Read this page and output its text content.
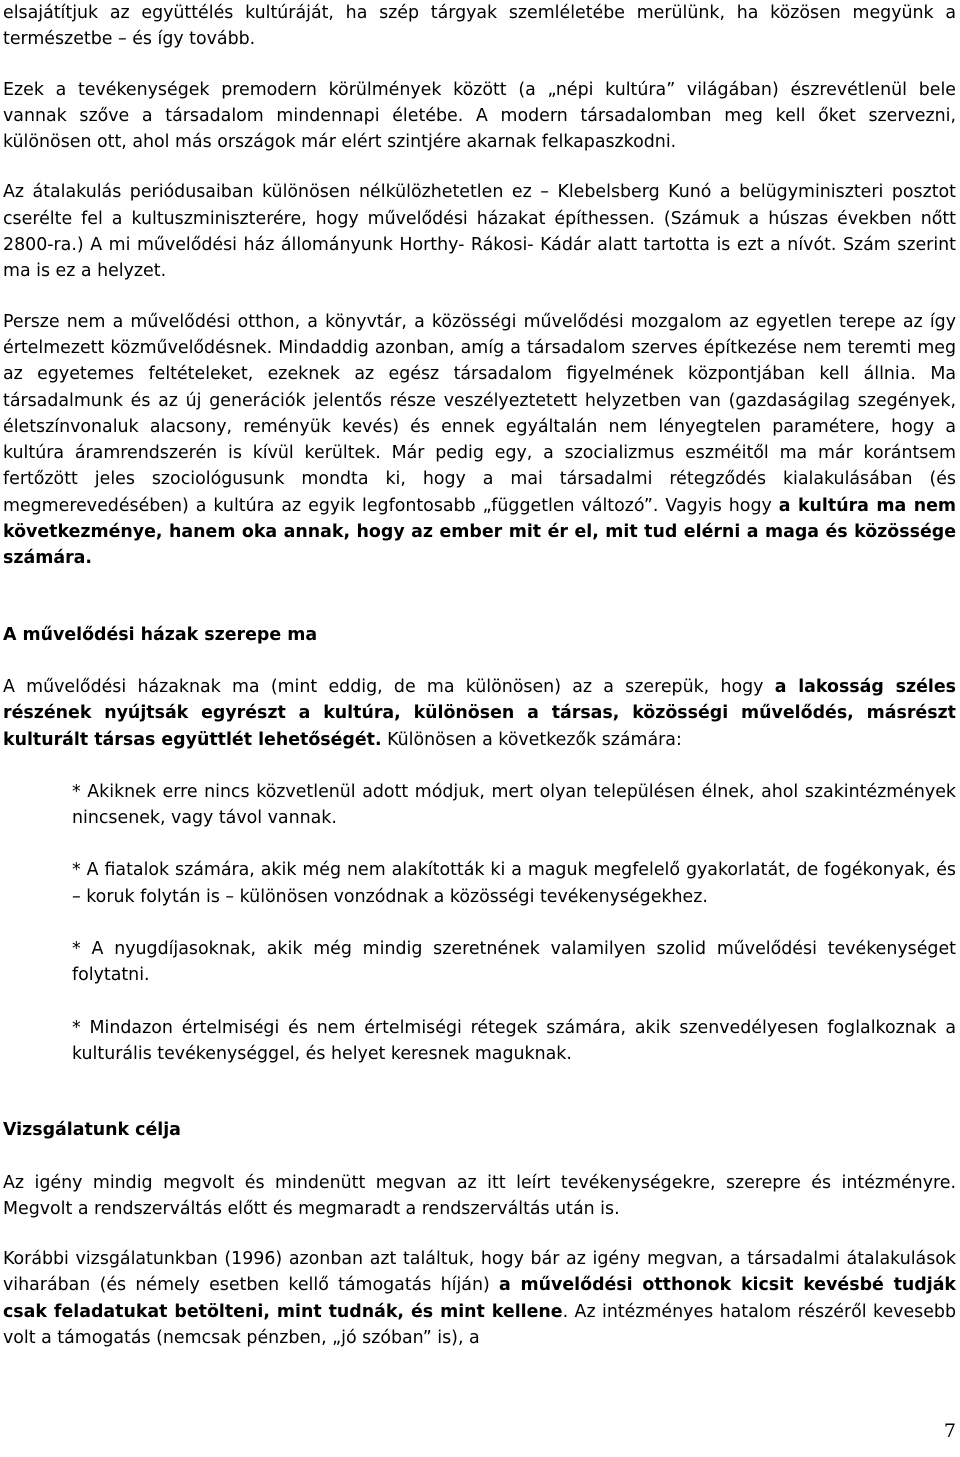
elsajátítjuk az együttélés kultúráját, ha szép tárgyak szemléletébe merülünk, ha közösen megyünk a természetbe – és így tovább.

Ezek a tevékenységek premodern körülmények között (a „népi kultúra” világában) észrevétlenül bele vannak szőve a társadalom mindennapi életébe. A modern társadalomban meg kell őket szervezni, különösen ott, ahol más országok már elért szintjére akarnak felkapaszkodni.

Az átalakulás periódusaiban különösen nélkülözhetetlen ez – Klebelsberg Kunó a belügyminiszteri posztot cserélte fel a kultuszminiszterére, hogy művelődési házakat építhessen. (Számuk a húszas években nőtt 2800-ra.) A mi művelődési ház állományunk Horthy- Rákosi- Kádár alatt tartotta is ezt a nívót. Szám szerint ma is ez a helyzet.

Persze nem a művelődési otthon, a könyvtár, a közösségi művelődési mozgalom az egyetlen terepe az így értelmezett közművelődésnek. Mindaddig azonban, amíg a társadalom szerves építkezése nem teremti meg az egyetemes feltételeket, ezeknek az egész társadalom figyelmének központjában kell állnia. Ma társadalmunk és az új generációk jelentős része veszélyeztetett helyzetben van (gazdaságilag szegények, életszínvonaluk alacsony, reményük kevés) és ennek egyáltalán nem lényegtelen paramétere, hogy a kultúra áramrendszerén is kívül kerültek. Már pedig egy, a szocializmus eszméitől ma már korántsem fertőzött jeles szociológusunk mondta ki, hogy a mai társadalmi rétegződés kialakulásában (és megmerevedésében) a kultúra az egyik legfontosabb „független változó”. Vagyis hogy a kultúra ma nem következménye, hanem oka annak, hogy az ember mit ér el, mit tud elérni a maga és közössége számára.

A művelődési házak szerepe ma

A művelődési házaknak ma (mint eddig, de ma különösen) az a szerepük, hogy a lakosság széles részének nyújtsák egyrészt a kultúra, különösen a társas, közösségi művelődés, másrészt kulturált társas együttlét lehetőségét. Különösen a következők számára:

* Akiknek erre nincs közvetlenül adott módjuk, mert olyan településen élnek, ahol szakintézmények nincsenek, vagy távol vannak.

* A fiatalok számára, akik még nem alakították ki a maguk megfelelő gyakorlatát, de fogékonyak, és – koruk folytán is – különösen vonzódnak a közösségi tevékenységekhez.

* A nyugdíjasoknak, akik még mindig szeretnének valamilyen szolid művelődési tevékenységet folytatni.

* Mindazon értelmiségi és nem értelmiségi rétegek számára, akik szenvedélyesen foglalkoznak a kulturális tevékenységgel, és helyet keresnek maguknak.

Vizsgálatunk célja

Az igény mindig megvolt és mindenütt megvan az itt leírt tevékenységekre, szerepre és intézményre. Megvolt a rendszerváltás előtt és megmaradt a rendszerváltás után is.

Korábbi vizsgálatunkban (1996) azonban azt találtuk, hogy bár az igény megvan, a társadalmi átalakulások viharában (és némely esetben kellő támogatás híján) a művelődési otthonok kicsit kevésbé tudják csak feladatukat betölteni, mint tudnák, és mint kellene. Az intézményes hatalom részéről kevesebb volt a támogatás (nemcsak pénzben, „jó szóban” is), a

7
